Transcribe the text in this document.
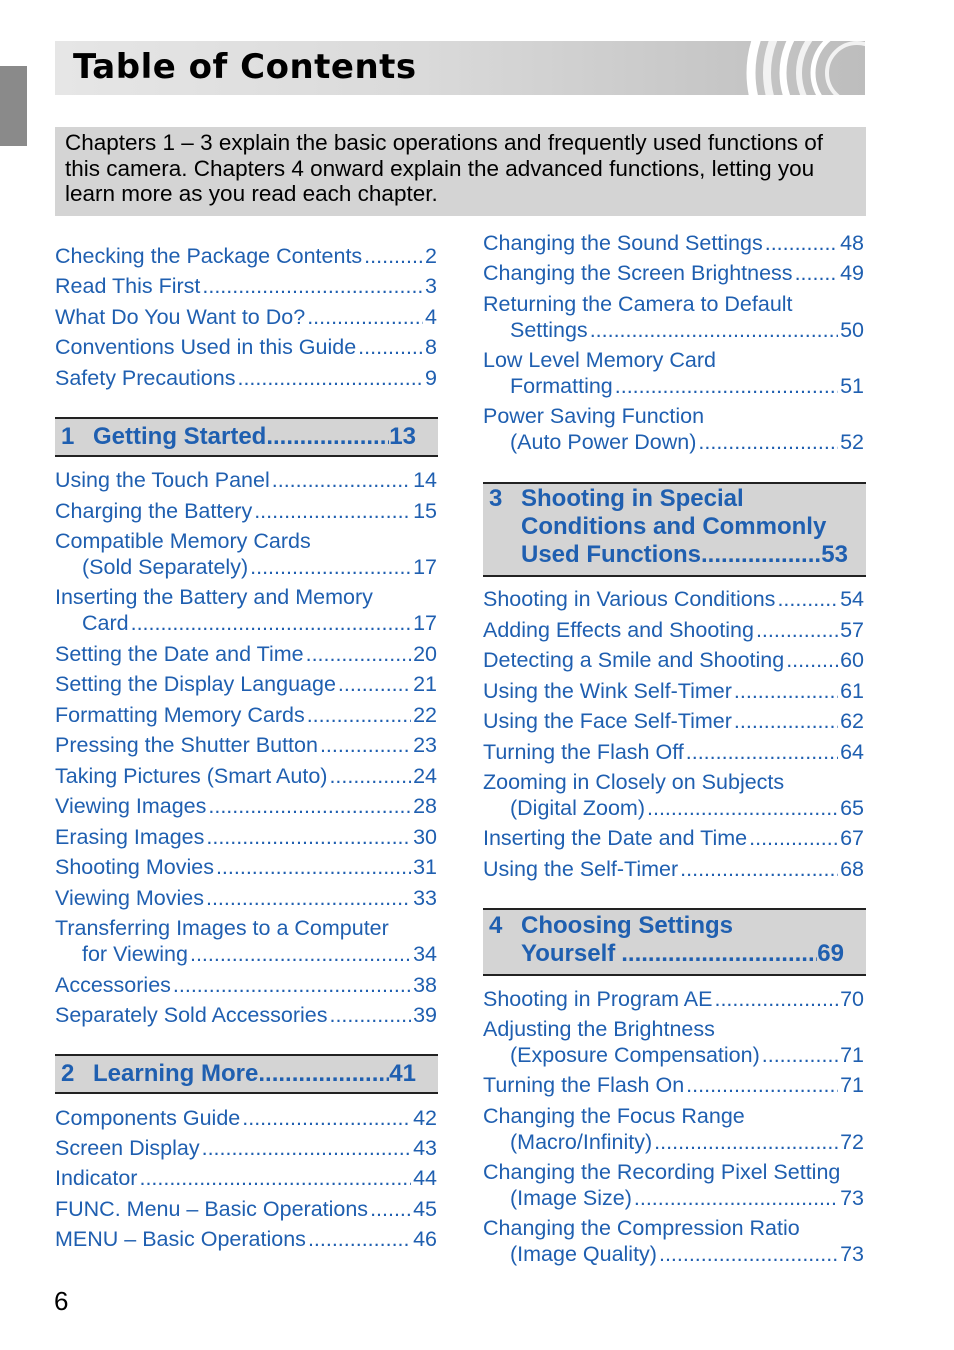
Table of Contents
Chapters 1 – 3 explain the basic operations and frequently used functions of this camera. Chapters 4 onward explain the advanced functions, letting you learn more as you read each chapter.
Checking the Package Contents .....	2
Read This First .....	3
What Do You Want to Do? .....	4
Conventions Used in this Guide .....	8
Safety Precautions .....	9
1 Getting Started .....	13
Using the Touch Panel .....	14
Charging the Battery .....	15
Compatible Memory Cards
(Sold Separately) .....	17
Inserting the Battery and Memory
Card .....	17
Setting the Date and Time .....	20
Setting the Display Language .....	21
Formatting Memory Cards .....	22
Pressing the Shutter Button .....	23
Taking Pictures (Smart Auto) .....	24
Viewing Images .....	28
Erasing Images .....	30
Shooting Movies .....	31
Viewing Movies .....	33
Transferring Images to a Computer
for Viewing .....	34
Accessories .....	38
Separately Sold Accessories .....	39
2 Learning More .....	41
Components Guide .....	42
Screen Display .....	43
Indicator .....	44
FUNC. Menu – Basic Operations ..... 45
MENU – Basic Operations .....	46
Changing the Sound Settings .....	48
Changing the Screen Brightness ..... 49
Returning the Camera to Default
Settings .....	50
Low Level Memory Card
Formatting .....	51
Power Saving Function
(Auto Power Down) .....	52
3 Shooting in Special
Conditions and Commonly
Used Functions .....	53
Shooting in Various Conditions .....	54
Adding Effects and Shooting .....	57
Detecting a Smile and Shooting .....	60
Using the Wink Self-Timer .....	61
Using the Face Self-Timer .....	62
Turning the Flash Off .....	64
Zooming in Closely on Subjects
(Digital Zoom) .....	65
Inserting the Date and Time .....	67
Using the Self-Timer .....	68
4 Choosing Settings
Yourself .....	69
Shooting in Program AE .....	70
Adjusting the Brightness
(Exposure Compensation) .....	71
Turning the Flash On .....	71
Changing the Focus Range
(Macro/Infinity) .....	72
Changing the Recording Pixel Setting
(Image Size) .....	73
Changing the Compression Ratio
(Image Quality) .....	73
6
